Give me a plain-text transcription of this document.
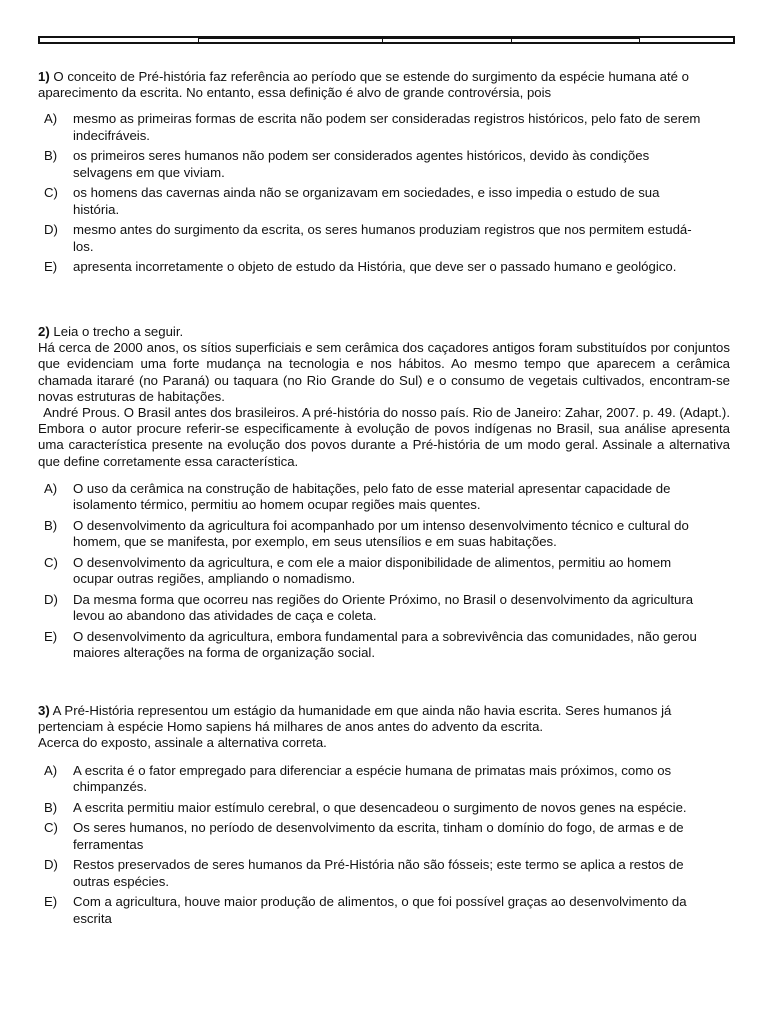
1) O conceito de Pré-história faz referência ao período que se estende do surgimento da espécie humana até o aparecimento da escrita. No entanto, essa definição é alvo de grande controvérsia, pois

A)	mesmo as primeiras formas de escrita não podem ser consideradas registros históricos, pelo fato de serem indecifráveis.
B)	os primeiros seres humanos não podem ser considerados agentes históricos, devido às condições selvagens em que viviam.
C)	os homens das cavernas ainda não se organizavam em sociedades, e isso impedia o estudo de sua história.
D)	mesmo antes do surgimento da escrita, os seres humanos produziam registros que nos permitem estudá-los.
E)	apresenta incorretamente o objeto de estudo da História, que deve ser o passado humano e geológico.

2) Leia o trecho a seguir.

Há cerca de 2000 anos, os sítios superficiais e sem cerâmica dos caçadores antigos foram substituídos por conjuntos que evidenciam uma forte mudança na tecnologia e nos hábitos. Ao mesmo tempo que aparecem a cerâmica chamada itararé (no Paraná) ou taquara (no Rio Grande do Sul) e o consumo de vegetais cultivados, encontram-se novas estruturas de habitações.

André Prous. O Brasil antes dos brasileiros. A pré-história do nosso país. Rio de Janeiro: Zahar, 2007. p. 49. (Adapt.).

Embora o autor procure referir-se especificamente à evolução de povos indígenas no Brasil, sua análise apresenta uma característica presente na evolução dos povos durante a Pré-história de um modo geral. Assinale a alternativa que define corretamente essa característica.

A)	O uso da cerâmica na construção de habitações, pelo fato de esse material apresentar capacidade de isolamento térmico, permitiu ao homem ocupar regiões mais quentes.
B)	O desenvolvimento da agricultura foi acompanhado por um intenso desenvolvimento técnico e cultural do homem, que se manifesta, por exemplo, em seus utensílios e em suas habitações.
C)	O desenvolvimento da agricultura, e com ele a maior disponibilidade de alimentos, permitiu ao homem ocupar outras regiões, ampliando o nomadismo.
D)	Da mesma forma que ocorreu nas regiões do Oriente Próximo, no Brasil o desenvolvimento da agricultura levou ao abandono das atividades de caça e coleta.
E)	O desenvolvimento da agricultura, embora fundamental para a sobrevivência das comunidades, não gerou maiores alterações na forma de organização social.

3) A Pré-História representou um estágio da humanidade em que ainda não havia escrita. Seres humanos já pertenciam à espécie Homo sapiens há milhares de anos antes do advento da escrita.

Acerca do exposto, assinale a alternativa correta.

A)	A escrita é o fator empregado para diferenciar a espécie humana de primatas mais próximos, como os chimpanzés.
B)	A escrita permitiu maior estímulo cerebral, o que desencadeou o surgimento de novos genes na espécie.
C)	Os seres humanos, no período de desenvolvimento da escrita, tinham o domínio do fogo, de armas e de ferramentas
D)	Restos preservados de seres humanos da Pré-História não são fósseis; este termo se aplica a restos de outras espécies.
E)	Com a agricultura, houve maior produção de alimentos, o que foi possível graças ao desenvolvimento da escrita
